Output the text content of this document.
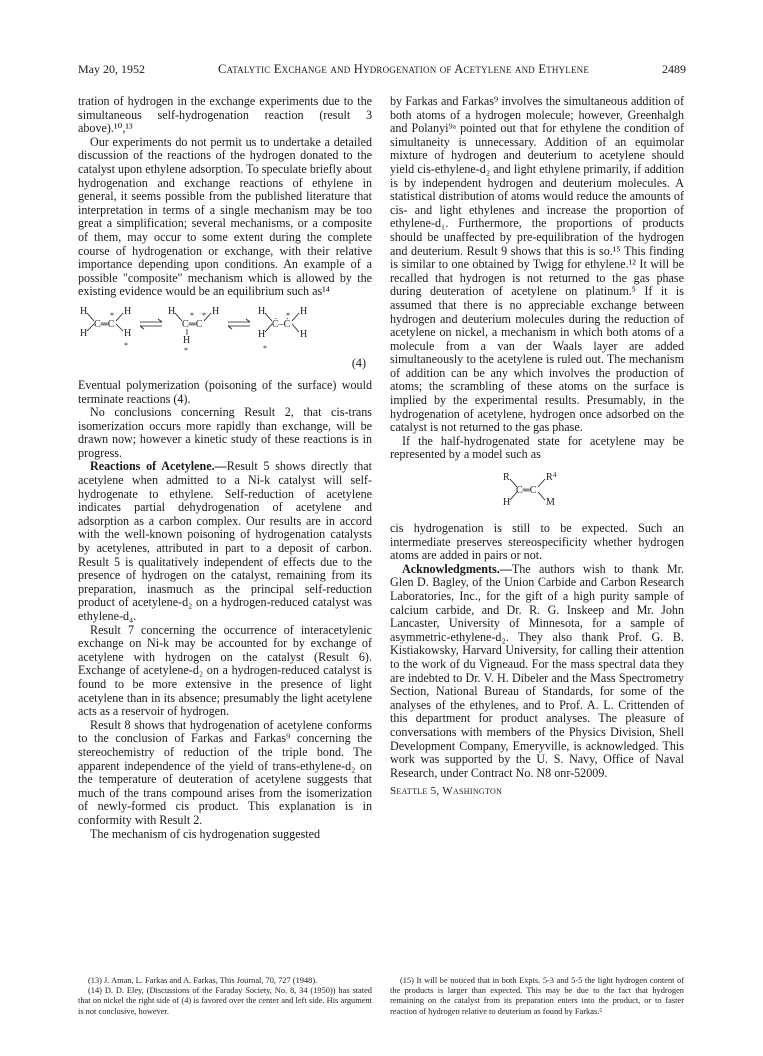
May 20, 1952	Catalytic Exchange and Hydrogenation of Acetylene and Ethylene	2489

tration of hydrogen in the exchange experiments due to the simultaneous self-hydrogenation reaction (result 3 above).¹⁰,¹³

Our experiments do not permit us to undertake a detailed discussion of the reactions of the hydrogen donated to the catalyst upon ethylene adsorption. To speculate briefly about hydrogenation and exchange reactions of ethylene in general, it seems possible from the published literature that interpretation in terms of a single mechanism may be too great a simplification; several mechanisms, or a composite of them, may occur to some extent during the complete course of hydrogenation or exchange, with their relative importance depending upon conditions. An example of a possible "composite" mechanism which is allowed by the existing evidence would be an equilibrium such as¹⁴

H
H
C═C
H
H
*
*
H
C═C
H
H
* *
*
H
H
Ċ–Ċ
H
H
*
*
(4)

Eventual polymerization (poisoning of the surface) would terminate reactions (4).

No conclusions concerning Result 2, that cis-trans isomerization occurs more rapidly than exchange, will be drawn now; however a kinetic study of these reactions is in progress.

Reactions of Acetylene.—Result 5 shows directly that acetylene when admitted to a Ni-k catalyst will self-hydrogenate to ethylene. Self-reduction of acetylene indicates partial dehydrogenation of acetylene and adsorption as a carbon complex. Our results are in accord with the well-known poisoning of hydrogenation catalysts by acetylenes, attributed in part to a deposit of carbon. Result 5 is qualitatively independent of effects due to the presence of hydrogen on the catalyst, remaining from its preparation, inasmuch as the principal self-reduction product of acetylene-d₂ on a hydrogen-reduced catalyst was ethylene-d₄.

Result 7 concerning the occurrence of interacetylenic exchange on Ni-k may be accounted for by exchange of acetylene with hydrogen on the catalyst (Result 6). Exchange of acetylene-d₂ on a hydrogen-reduced catalyst is found to be more extensive in the presence of light acetylene than in its absence; presumably the light acetylene acts as a reservoir of hydrogen.

Result 8 shows that hydrogenation of acetylene conforms to the conclusion of Farkas and Farkas⁹ concerning the stereochemistry of reduction of the triple bond. The apparent independence of the yield of trans-ethylene-d₂ on the temperature of deuteration of acetylene suggests that much of the trans compound arises from the isomerization of newly-formed cis product. This explanation is in conformity with Result 2.

The mechanism of cis hydrogenation suggested

by Farkas and Farkas⁹ involves the simultaneous addition of both atoms of a hydrogen molecule; however, Greenhalgh and Polanyi⁹ᵃ pointed out that for ethylene the condition of simultaneity is unnecessary. Addition of an equimolar mixture of hydrogen and deuterium to acetylene should yield cis-ethylene-d₂ and light ethylene primarily, if addition is by independent hydrogen and deuterium molecules. A statistical distribution of atoms would reduce the amounts of cis- and light ethylenes and increase the proportion of ethylene-d₁. Furthermore, the proportions of products should be unaffected by pre-equilibration of the hydrogen and deuterium. Result 9 shows that this is so.¹⁵ This finding is similar to one obtained by Twigg for ethylene.¹² It will be recalled that hydrogen is not returned to the gas phase during deuteration of acetylene on platinum.⁵ If it is assumed that there is no appreciable exchange between hydrogen and deuterium molecules during the reduction of acetylene on nickel, a mechanism in which both atoms of a molecule from a van der Waals layer are added simultaneously to the acetylene is ruled out. The mechanism of addition can be any which involves the production of atoms; the scrambling of these atoms on the surface is implied by the experimental results. Presumably, in the hydrogenation of acetylene, hydrogen once adsorbed on the catalyst is not returned to the gas phase.

If the half-hydrogenated state for acetylene may be represented by a model such as

R
C═C
R 4
H	M

cis hydrogenation is still to be expected. Such an intermediate preserves stereospecificity whether hydrogen atoms are added in pairs or not.

Acknowledgments.—The authors wish to thank Mr. Glen D. Bagley, of the Union Carbide and Carbon Research Laboratories, Inc., for the gift of a high purity sample of calcium carbide, and Dr. R. G. Inskeep and Mr. John Lancaster, University of Minnesota, for a sample of asymmetric-ethylene-d₂. They also thank Prof. G. B. Kistiakowsky, Harvard University, for calling their attention to the work of du Vigneaud. For the mass spectral data they are indebted to Dr. V. H. Dibeler and the Mass Spectrometry Section, National Bureau of Standards, for some of the analyses of the ethylenes, and to Prof. A. L. Crittenden of this department for product analyses. The pleasure of conversations with members of the Physics Division, Shell Development Company, Emeryville, is acknowledged. This work was supported by the U. S. Navy, Office of Naval Research, under Contract No. N8 onr-52009.

Seattle 5, Washington

(13) J. Aman, L. Farkas and A. Farkas, This Journal, 70, 727 (1948).

(14) D. D. Eley, (Discussions of the Faraday Society, No. 8, 34 (1950)) has stated that on nickel the right side of (4) is favored over the center and left side. His argument is not conclusive, however.

(15) It will be noticed that in both Expts. 5-3 and 5-5 the light hydrogen content of the products is larger than expected. This may be due to the fact that hydrogen remaining on the catalyst from its preparation enters into the product, or to faster reaction of hydrogen relative to deuterium as found by Farkas.⁵
